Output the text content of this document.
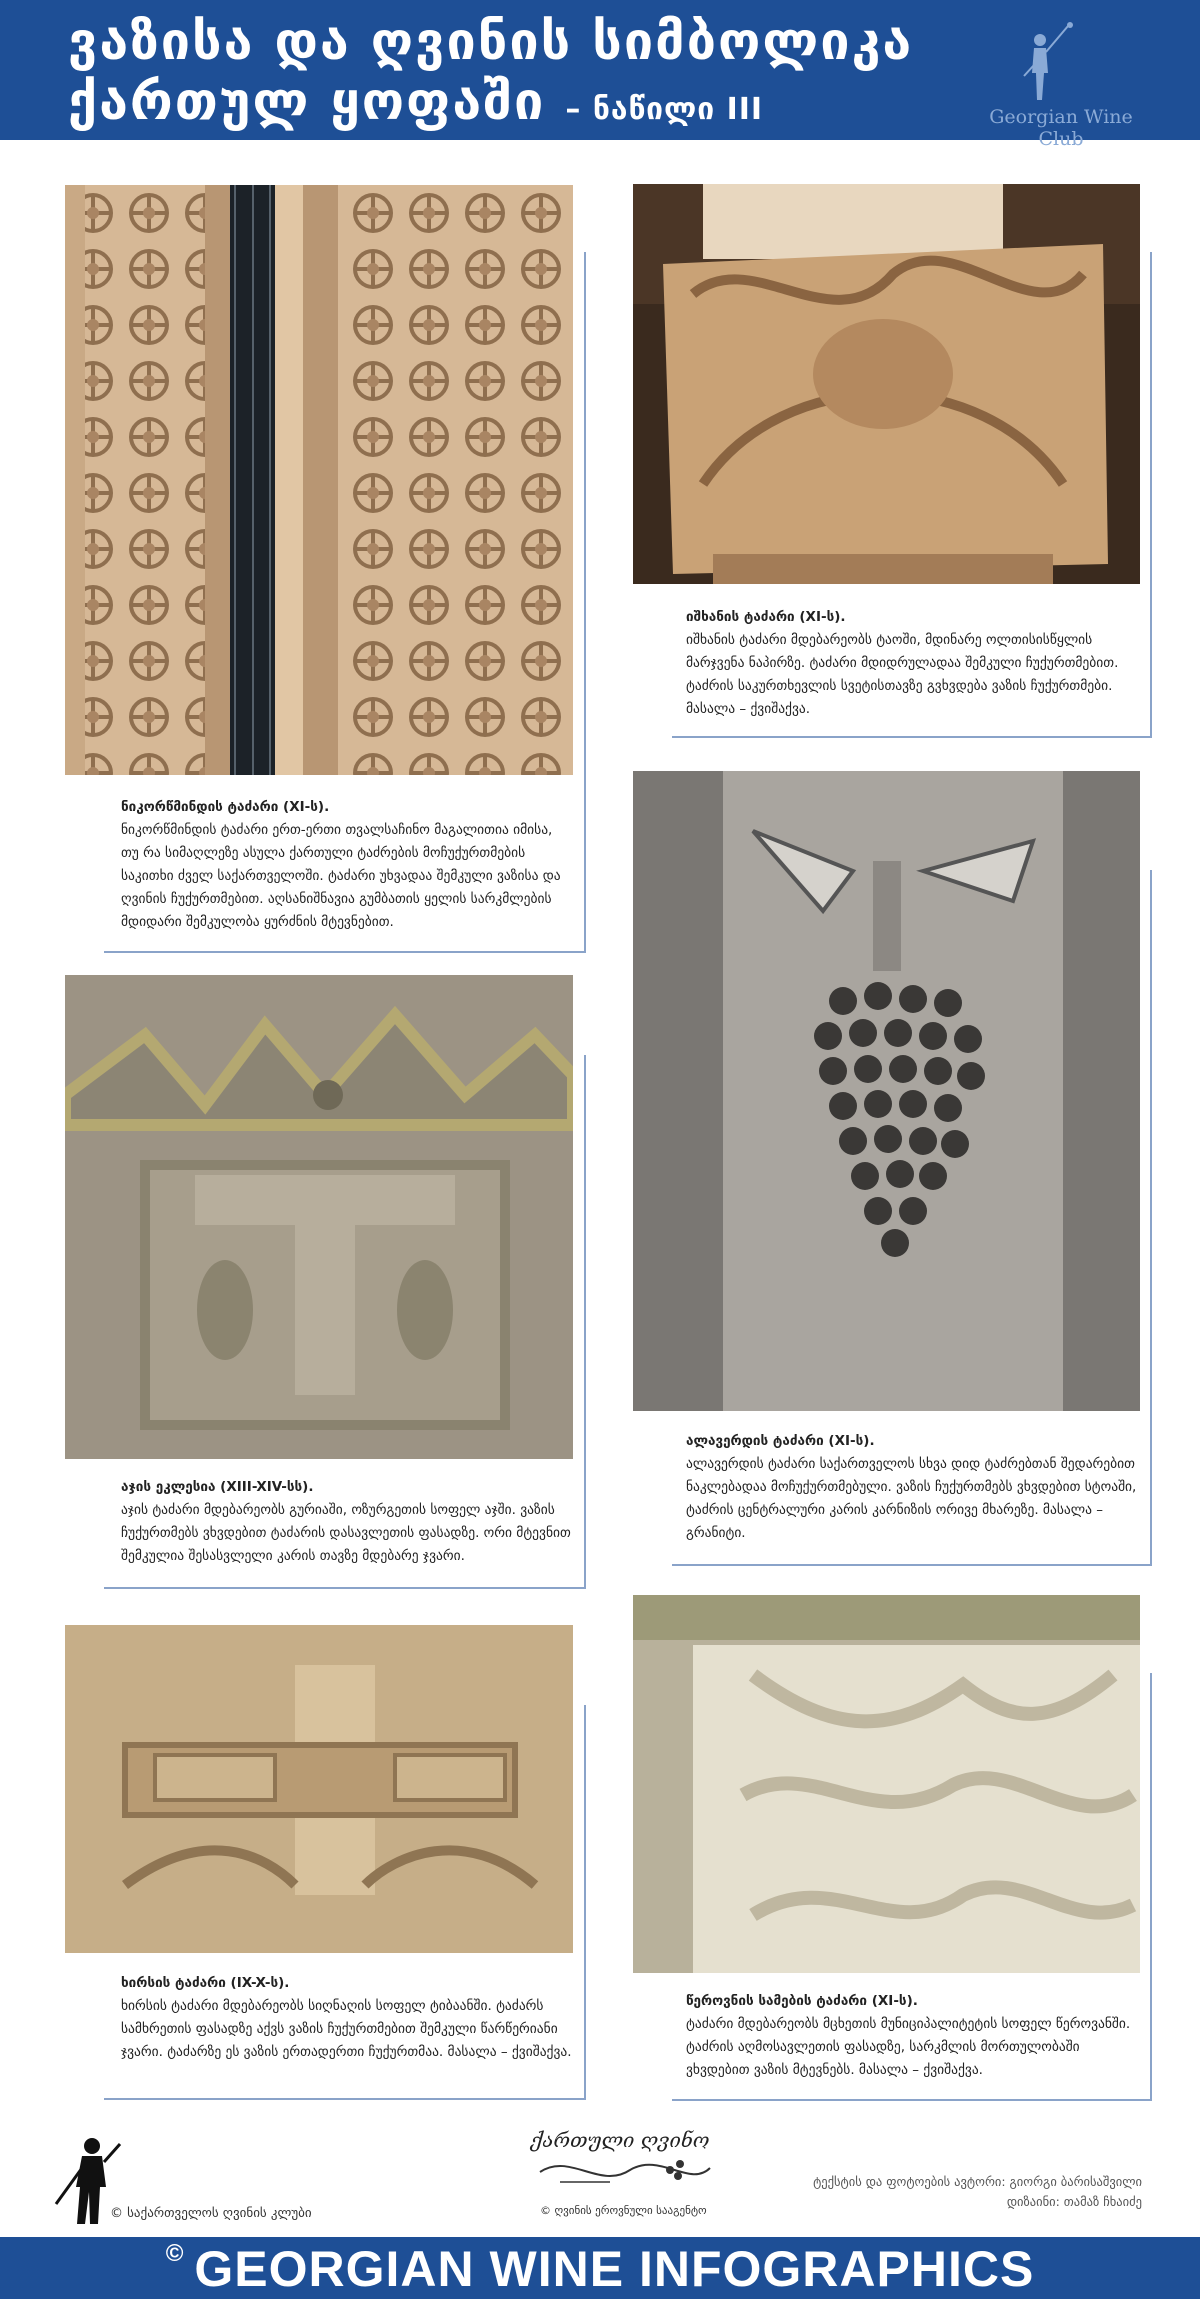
ვაზისა და ღვინის სიმბოლიკა
ქართულ ყოფაში – ნაწილი III	Georgian Wine Club
ნიკორწმინდის ტაძარი (XI-ს).
ნიკორწმინდის ტაძარი ერთ-ერთი თვალსაჩინო მაგალითია იმისა, თუ რა სიმაღლეზე ასულა ქართული ტაძრების მოჩუქურთმების საკითხი ძველ საქართველოში. ტაძარი უხვადაა შემკული ვაზისა და ღვინის ჩუქურთმებით. აღსანიშნავია გუმბათის ყელის სარკმლების მდიდარი შემკულობა ყურძნის მტევნებით.
იშხანის ტაძარი (XI-ს).
იშხანის ტაძარი მდებარეობს ტაოში, მდინარე ოლთისისწყლის მარჯვენა ნაპირზე. ტაძარი მდიდრულადაა შემკული ჩუქურთმებით. ტაძრის საკურთხევლის სვეტისთავზე გვხვდება ვაზის ჩუქურთმები. მასალა – ქვიშაქვა.
აჯის ეკლესია (XIII-XIV-სს).
აჯის ტაძარი მდებარეობს გურიაში, ოზურგეთის სოფელ აჯში. ვაზის ჩუქურთმებს ვხვდებით ტაძარის დასავლეთის ფასადზე. ორი მტევნით შემკულია შესასვლელი კარის თავზე მდებარე ჯვარი.
ალავერდის ტაძარი (XI-ს).
ალავერდის ტაძარი საქართველოს სხვა დიდ ტაძრებთან შედარებით ნაკლებადაა მოჩუქურთმებული. ვაზის ჩუქურთმებს ვხვდებით სტოაში, ტაძრის ცენტრალური კარის კარნიზის ორივე მხარეზე. მასალა – გრანიტი.
ხირსის ტაძარი (IX-X-ს).
ხირსის ტაძარი მდებარეობს სიღნაღის სოფელ ტიბაანში. ტაძარს სამხრეთის ფასადზე აქვს ვაზის ჩუქურთმებით შემკული წარწერიანი ჯვარი. ტაძარზე ეს ვაზის ერთადერთი ჩუქურთმაა. მასალა – ქვიშაქვა.
წეროვნის სამების ტაძარი (XI-ს).
ტაძარი მდებარეობს მცხეთის მუნიციპალიტეტის სოფელ წეროვანში. ტაძრის აღმოსავლეთის ფასადზე, სარკმლის მორთულობაში ვხვდებით ვაზის მტევნებს. მასალა – ქვიშაქვა.
© საქართველოს ღვინის კლუბი
ქართული ღვინო
© ღვინის ეროვნული სააგენტო
ტექსტის და ფოტოების ავტორი: გიორგი ბარისაშვილი
დიზაინი: თამაზ ჩხაიძე
© GEORGIAN WINE INFOGRAPHICS
